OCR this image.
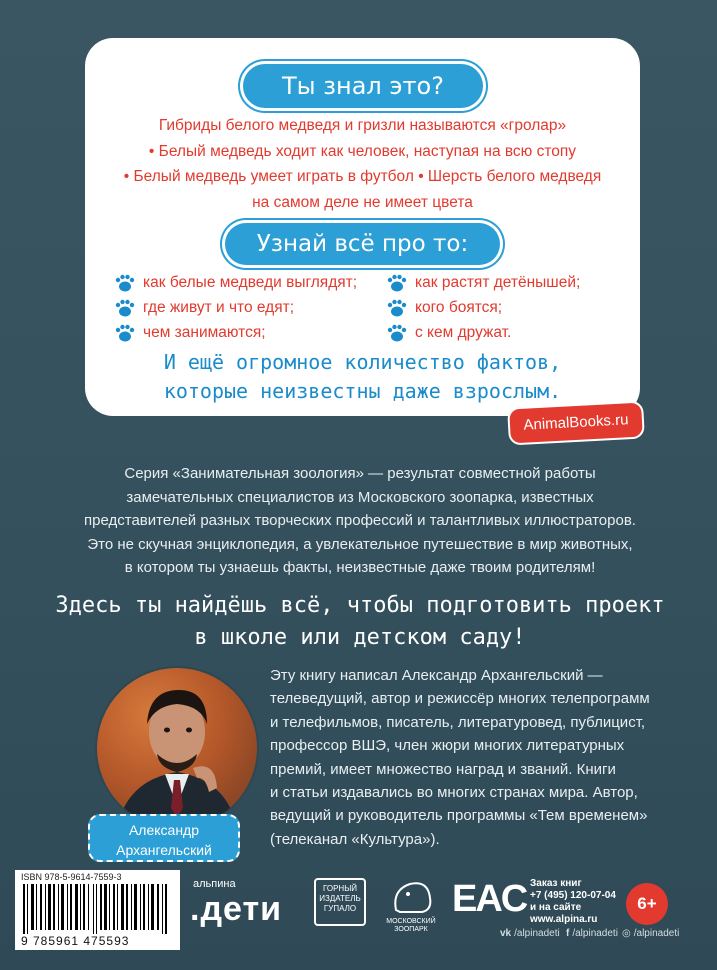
Ты знал это?
Гибриды белого медведя и гризли называются «гролар»
• Белый медведь ходит как человек, наступая на всю стопу
• Белый медведь умеет играть в футбол • Шерсть белого медведя
на самом деле не имеет цвета
Узнай всё про то:
как белые медведи выглядят;
где живут и что едят;
чем занимаются;
как растят детёнышей;
кого боятся;
с кем дружат.
И ещё огромное количество фактов,
которые неизвестны даже взрослым.
AnimalBooks.ru
Серия «Занимательная зоология» — результат совместной работы
замечательных специалистов из Московского зоопарка, известных
представителей разных творческих профессий и талантливых иллюстраторов.
Это не скучная энциклопедия, а увлекательное путешествие в мир животных,
в котором ты узнаешь факты, неизвестные даже твоим родителям!
Здесь ты найдёшь всё, чтобы подготовить проект
в школе или детском саду!
Эту книгу написал Александр Архангельский —
телеведущий, автор и режиссёр многих телепрограмм
и телефильмов, писатель, литературовед, публицист,
профессор ВШЭ, член жюри многих литературных
премий, имеет множество наград и званий. Книги
и статьи издавались во многих странах мира. Автор,
ведущий и руководитель программы «Тем временем»
(телеканал «Культура»).
Александр
Архангельский
ISBN 978-5-9614-7559-3
9 785961 475593
альпина
.дети
ГОРНЫЙ ИЗДАТЕЛЬ ГУПАЛО
МОСКОВСКИЙ ЗООПАРК
EAC Заказ книг
+7 (495) 120-07-04
и на сайте
www.alpina.ru
6+
vk /alpinadeti f /alpinadeti ◎ /alpinadeti
